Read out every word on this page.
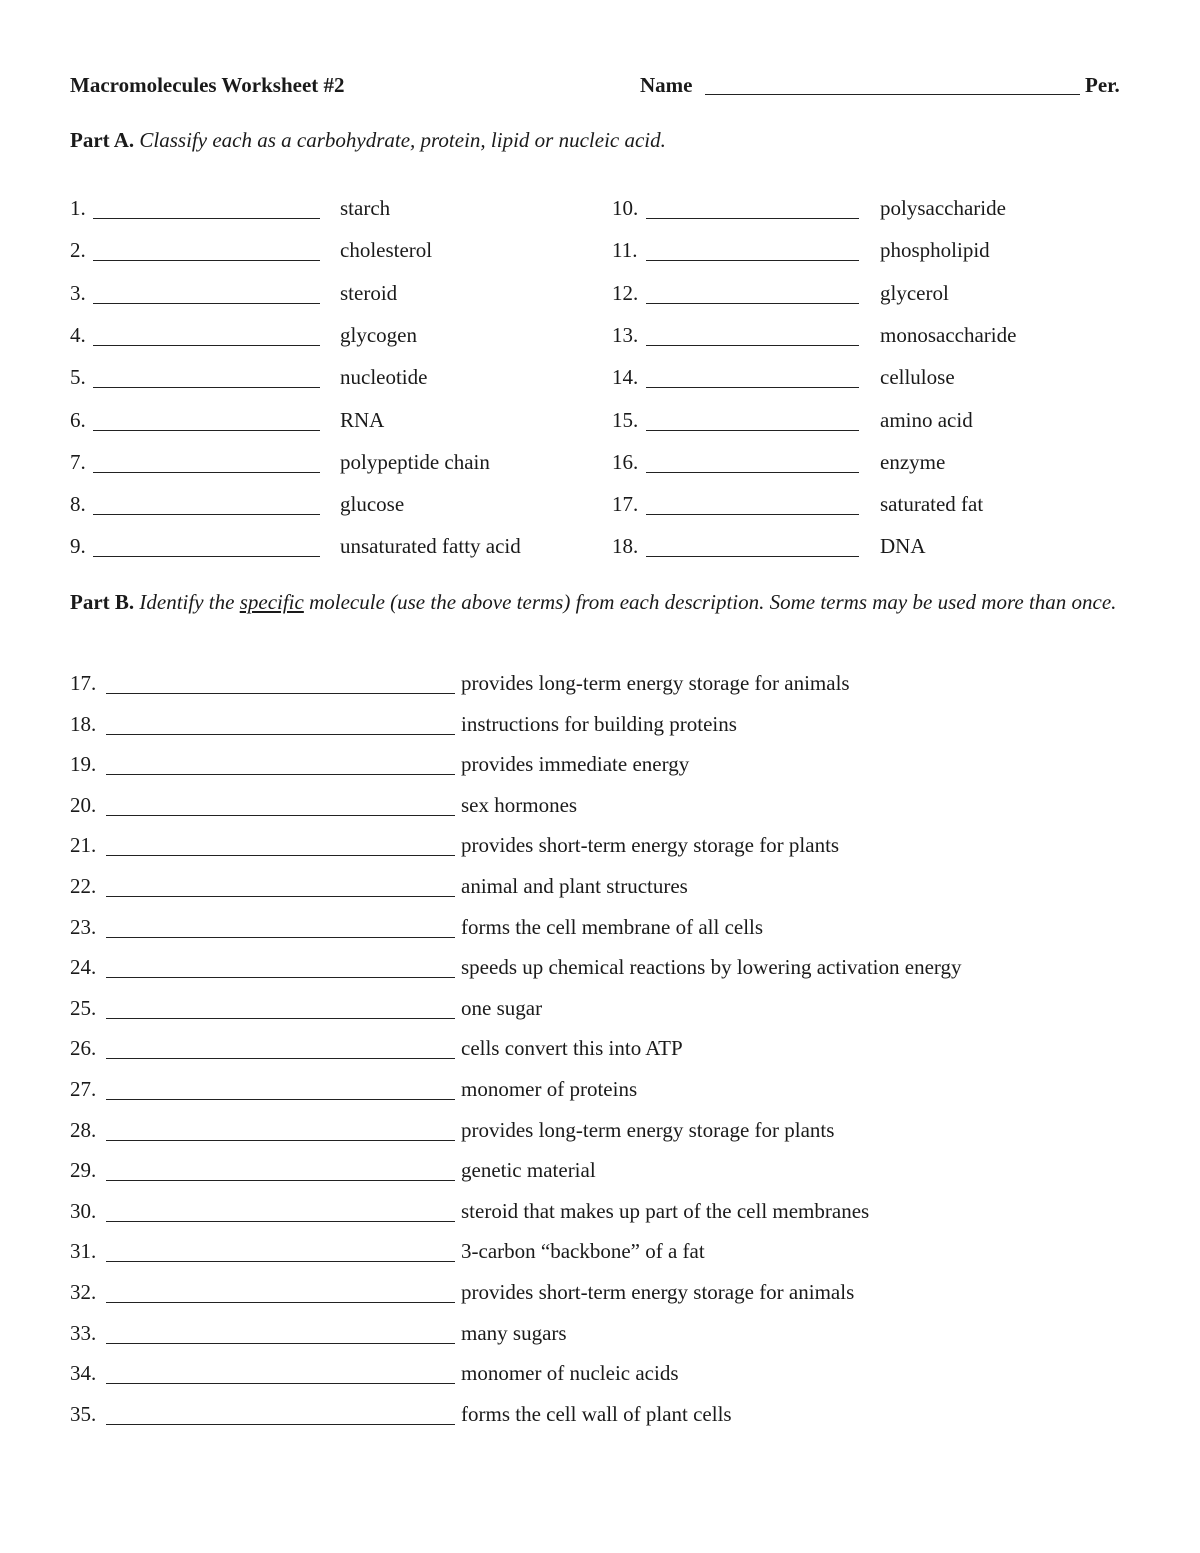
Macromolecules Worksheet #2	Name	Per.
Part A. Classify each as a carbohydrate, protein, lipid or nucleic acid.
1.	starch
2.	cholesterol
3.	steroid
4.	glycogen
5.	nucleotide
6.	RNA
7.	polypeptide chain
8.	glucose
9.	unsaturated fatty acid
10.	polysaccharide
11.	phospholipid
12.	glycerol
13.	monosaccharide
14.	cellulose
15.	amino acid
16.	enzyme
17.	saturated fat
18.	DNA
Part B. Identify the specific molecule (use the above terms) from each description. Some terms may be used more than once.
17.	provides long-term energy storage for animals
18.	instructions for building proteins
19.	provides immediate energy
20.	sex hormones
21.	provides short-term energy storage for plants
22.	animal and plant structures
23.	forms the cell membrane of all cells
24.	speeds up chemical reactions by lowering activation energy
25.	one sugar
26.	cells convert this into ATP
27.	monomer of proteins
28.	provides long-term energy storage for plants
29.	genetic material
30.	steroid that makes up part of the cell membranes
31.	3-carbon “backbone” of a fat
32.	provides short-term energy storage for animals
33.	many sugars
34.	monomer of nucleic acids
35.	forms the cell wall of plant cells
